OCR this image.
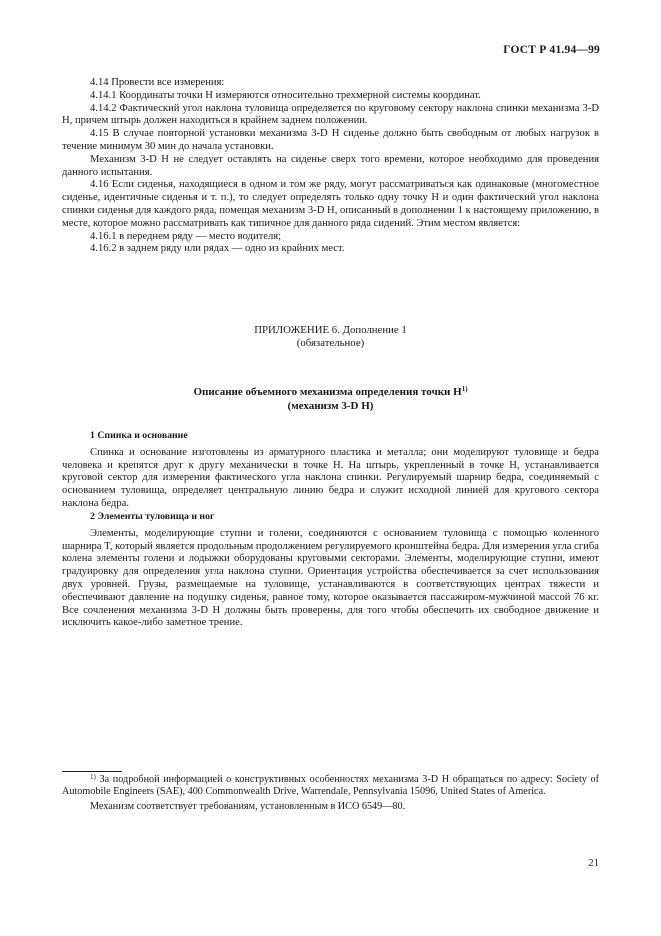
ГОСТ Р 41.94—99

4.14 Провести все измерения:

4.14.1 Координаты точки H измеряются относительно трехмерной системы координат.

4.14.2 Фактический угол наклона туловища определяется по круговому сектору наклона спинки механизма 3-D H, причем штырь должен находиться в крайнем заднем положении.

4.15 В случае повторной установки механизма 3-D H сиденье должно быть свободным от любых нагрузок в течение минимум 30 мин до начала установки.

Механизм 3-D H не следует оставлять на сиденье сверх того времени, которое необходимо для проведения данного испытания.

4.16 Если сиденья, находящиеся в одном и том же ряду, могут рассматриваться как одинаковые (многоместное сиденье, идентичные сиденья и т. п.), то следует определять только одну точку H и один фактический угол наклона спинки сиденья для каждого ряда, помещая механизм 3-D H, описанный в дополнении 1 к настоящему приложению, в месте, которое можно рассматривать как типичное для данного ряда сидений. Этим местом является:

4.16.1 в переднем ряду — место водителя;

4.16.2 в заднем ряду или рядах — одно из крайних мест.

ПРИЛОЖЕНИЕ 6. Дополнение 1
(обязательное)
Описание объемного механизма определения точки $H^{1)}$
(механизм 3-D H)
1 Спинка и основание

Спинка и основание изготовлены из арматурного пластика и металла; они моделируют туловище и бедра человека и крепятся друг к другу механически в точке H. На штырь, укрепленный в точке H, устанавливается круговой сектор для измерения фактического угла наклона спинки. Регулируемый шарнир бедра, соединяемый с основанием туловища, определяет центральную линию бедра и служит исходной линией для кругового сектора наклона бедра.

2 Элементы туловища и ног

Элементы, моделирующие ступни и голени, соединяются с основанием туловища с помощью коленного шарнира T, который является продольным продолжением регулируемого кронштейна бедра. Для измерения угла сгиба колена элементы голени и лодыжки оборудованы круговыми секторами. Элементы, моделирующие ступни, имеют градуировку для определения угла наклона ступни. Ориентация устройства обеспечивается за счет использования двух уровней. Грузы, размещаемые на туловище, устанавливаются в соответствующих центрах тяжести и обеспечивают давление на подушку сиденья, равное тому, которое оказывается пассажиром-мужчиной массой 76 кг. Все сочленения механизма 3-D H должны быть проверены, для того чтобы обеспечить их свободное движение и исключить какое-либо заметное трение.

$^{1)}$ За подробной информацией о конструктивных особенностях механизма 3-D H обращаться по адресу: Society of Automobile Engineers (SAE), 400 Commonwealth Drive, Warrendale, Pennsylvania 15096, United States of America.

Механизм соответствует требованиям, установленным в ИСО 6549—80.

21
